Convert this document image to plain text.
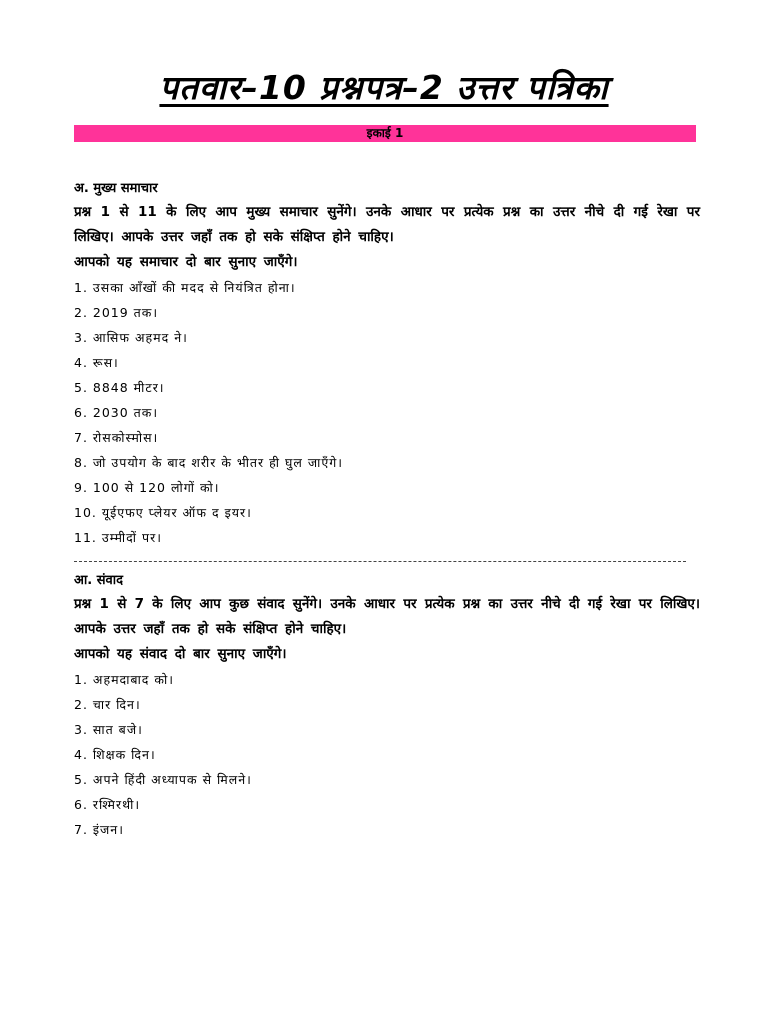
पतवार–10 प्रश्नपत्र–2 उत्तर पत्रिका
इकाई 1
अ. मुख्य समाचार
प्रश्न 1 से 11 के लिए आप मुख्य समाचार सुनेंगे। उनके आधार पर प्रत्येक प्रश्न का उत्तर नीचे दी गई रेखा पर लिखिए। आपके उत्तर जहाँ तक हो सके संक्षिप्त होने चाहिए।
आपको यह समाचार दो बार सुनाए जाएँगे।
1. उसका आँखों की मदद से नियंत्रित होना।
2. 2019 तक।
3. आसिफ अहमद ने।
4. रूस।
5. 8848 मीटर।
6. 2030 तक।
7. रोसकोस्मोस।
8. जो उपयोग के बाद शरीर के भीतर ही घुल जाएँगे।
9. 100 से 120 लोगों को।
10. यूईएफए प्लेयर ऑफ द इयर।
11. उम्मीदों पर।
आ. संवाद
प्रश्न 1 से 7 के लिए आप कुछ संवाद सुनेंगे। उनके आधार पर प्रत्येक प्रश्न का उत्तर नीचे दी गई रेखा पर लिखिए। आपके उत्तर जहाँ तक हो सके संक्षिप्त होने चाहिए।
आपको यह संवाद दो बार सुनाए जाएँगे।
1. अहमदाबाद को।
2. चार दिन।
3. सात बजे।
4. शिक्षक दिन।
5. अपने हिंदी अध्यापक से मिलने।
6. रश्मिरथी।
7. इंजन।
